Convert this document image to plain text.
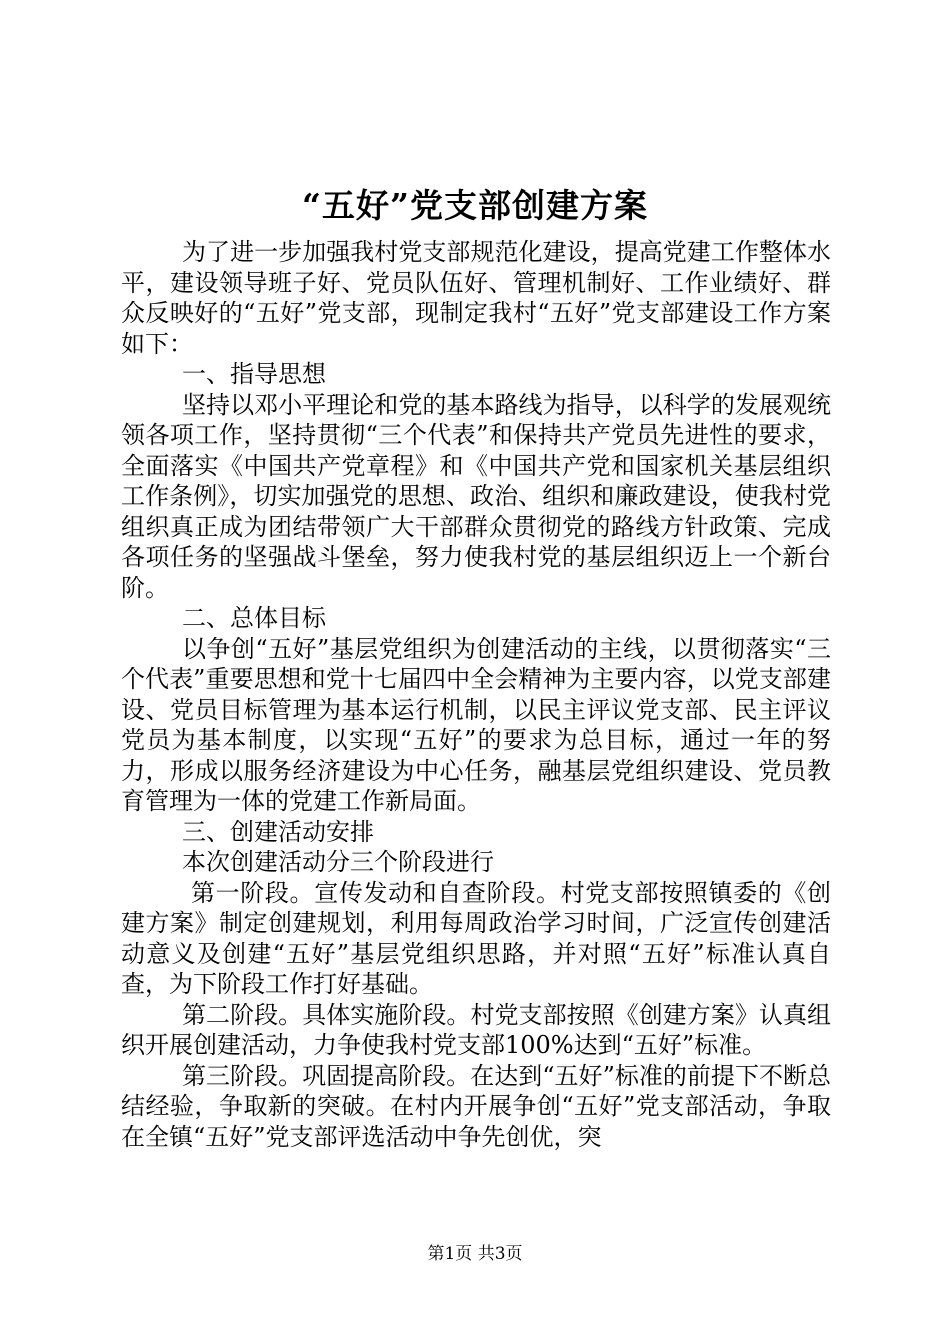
“五好”党支部创建方案

为了进一步加强我村党支部规范化建设，提高党建工作整体水平，建设领导班子好、党员队伍好、管理机制好、工作业绩好、群众反映好的“五好”党支部，现制定我村“五好”党支部建设工作方案如下：

一、指导思想

坚持以邓小平理论和党的基本路线为指导，以科学的发展观统领各项工作，坚持贯彻“三个代表”和保持共产党员先进性的要求，全面落实《中国共产党章程》和《中国共产党和国家机关基层组织工作条例》，切实加强党的思想、政治、组织和廉政建设，使我村党组织真正成为团结带领广大干部群众贯彻党的路线方针政策、完成各项任务的坚强战斗堡垒，努力使我村党的基层组织迈上一个新台阶。

二、总体目标

以争创“五好”基层党组织为创建活动的主线，以贯彻落实“三个代表”重要思想和党十七届四中全会精神为主要内容，以党支部建设、党员目标管理为基本运行机制，以民主评议党支部、民主评议党员为基本制度，以实现“五好”的要求为总目标，通过一年的努力，形成以服务经济建设为中心任务，融基层党组织建设、党员教育管理为一体的党建工作新局面。

三、创建活动安排

本次创建活动分三个阶段进行

第一阶段。宣传发动和自查阶段。村党支部按照镇委的《创建方案》制定创建规划，利用每周政治学习时间，广泛宣传创建活动意义及创建“五好”基层党组织思路，并对照“五好”标准认真自查，为下阶段工作打好基础。

第二阶段。具体实施阶段。村党支部按照《创建方案》认真组织开展创建活动，力争使我村党支部100%达到“五好”标准。

第三阶段。巩固提高阶段。在达到“五好”标准的前提下不断总结经验，争取新的突破。在村内开展争创“五好”党支部活动，争取在全镇“五好”党支部评选活动中争先创优，突

第1页 共3页
